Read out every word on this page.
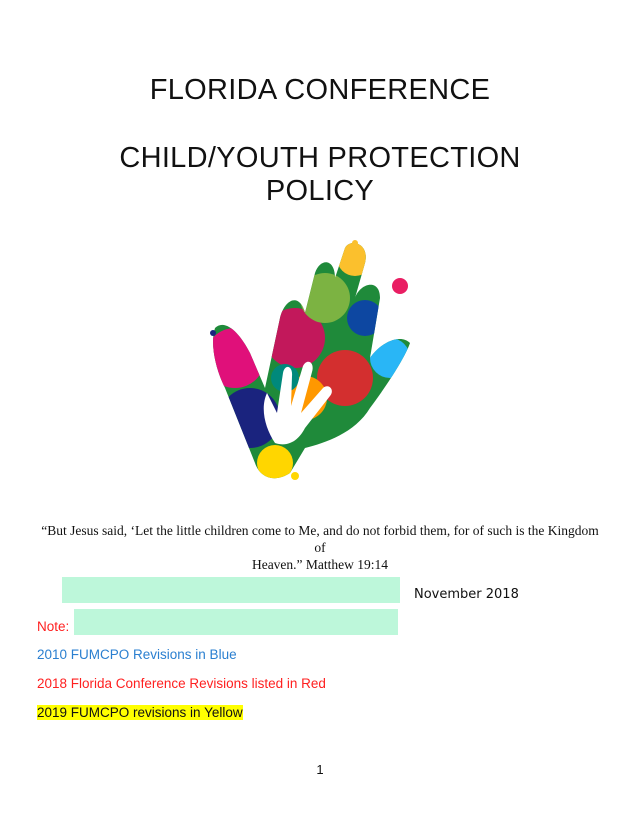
FLORIDA CONFERENCE
CHILD/YOUTH PROTECTION
POLICY
“But Jesus said, ‘Let the little children come to Me, and do not forbid them, for of such is the Kingdom of
Heaven.” Matthew 19:14
November 2018
Note:
2010 FUMCPO Revisions in Blue
2018 Florida Conference Revisions listed in Red
2019 FUMCPO revisions in Yellow
1
